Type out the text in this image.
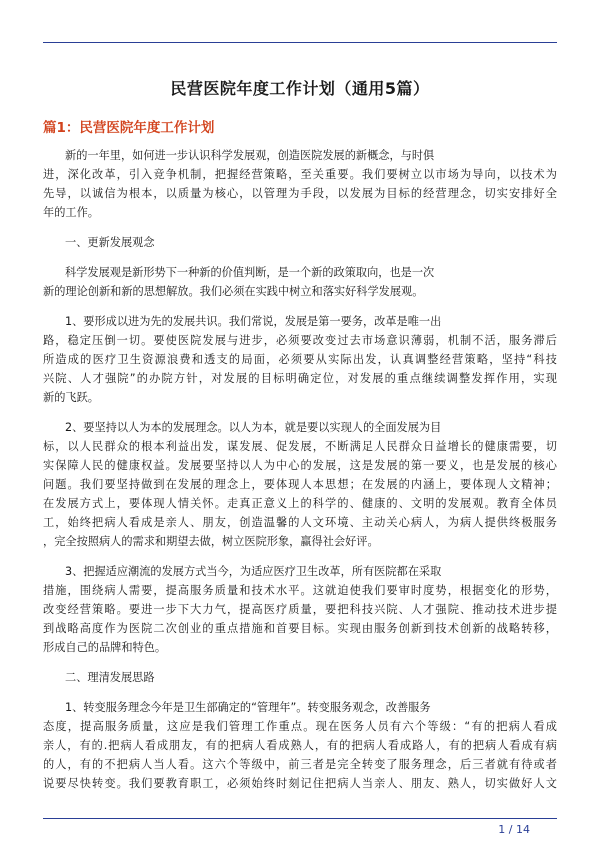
民营医院年度工作计划（通用5篇）
篇1：民营医院年度工作计划
新的一年里，如何进一步认识科学发展观，创造医院发展的新概念，与时俱
进，深化改革，引入竞争机制，把握经营策略，至关重要。我们要树立以市场为导向，以技术为
先导，以诚信为根本，以质量为核心，以管理为手段，以发展为目标的经营理念，切实安排好全
年的工作。
一、更新发展观念
科学发展观是新形势下一种新的价值判断，是一个新的政策取向，也是一次
新的理论创新和新的思想解放。我们必须在实践中树立和落实好科学发展观。
1、要形成以进为先的发展共识。我们常说，发展是第一要务，改革是唯一出
路，稳定压倒一切。要使医院发展与进步，必须要改变过去市场意识薄弱，机制不活，服务滞后
所造成的医疗卫生资源浪费和透支的局面，必须要从实际出发，认真调整经营策略，坚持“科技
兴院、人才强院”的办院方针，对发展的目标明确定位，对发展的重点继续调整发挥作用，实现
新的飞跃。
2、要坚持以人为本的发展理念。以人为本，就是要以实现人的全面发展为目
标，以人民群众的根本利益出发，谋发展、促发展，不断满足人民群众日益增长的健康需要，切
实保障人民的健康权益。发展要坚持以人为中心的发展，这是发展的第一要义，也是发展的核心
问题。我们要坚持做到在发展的理念上，要体现人本思想；在发展的内涵上，要体现人文精神；
在发展方式上，要体现人情关怀。走真正意义上的科学的、健康的、文明的发展观。教育全体员
工，始终把病人看成是亲人、朋友，创造温馨的人文环境、主动关心病人，为病人提供终极服务
，完全按照病人的需求和期望去做，树立医院形象，赢得社会好评。
3、把握适应潮流的发展方式当今，为适应医疗卫生改革，所有医院都在采取
措施，围绕病人需要，提高服务质量和技术水平。这就迫使我们要审时度势，根据变化的形势，
改变经营策略。要进一步下大力气，提高医疗质量，要把科技兴院、人才强院、推动技术进步提
到战略高度作为医院二次创业的重点措施和首要目标。实现由服务创新到技术创新的战略转移，
形成自己的品牌和特色。
二、理清发展思路
1、转变服务理念今年是卫生部确定的“管理年”。转变服务观念，改善服务
态度，提高服务质量，这应是我们管理工作重点。现在医务人员有六个等级：“有的把病人看成
亲人，有的.把病人看成朋友，有的把病人看成熟人，有的把病人看成路人，有的把病人看成有病
的人，有的不把病人当人看。这六个等级中，前三者是完全转变了服务理念，后三者就有待或者
说要尽快转变。我们要教育职工，必须始终时刻记住把病人当亲人、朋友、熟人，切实做好人文
1 / 14
